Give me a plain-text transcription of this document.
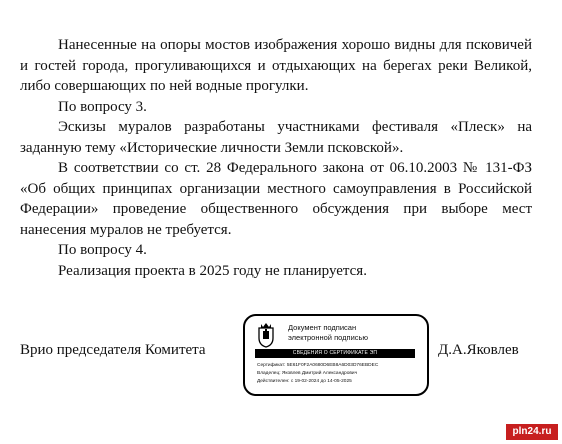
Нанесенные на опоры мостов изображения хорошо видны для псковичей и гостей города, прогуливающихся и отдыхающих на берегах реки Великой, либо совершающих по ней водные прогулки.

По вопросу 3.

Эскизы муралов разработаны участниками фестиваля «Плеск» на заданную тему «Исторические личности Земли псковской».

В соответствии со ст. 28 Федерального закона от 06.10.2003 № 131-ФЗ «Об общих принципах организации местного самоуправления в Российской Федерации» проведение общественного обсуждения при выборе мест нанесения муралов не требуется.

По вопросу 4.

Реализация проекта в 2025 году не планируется.

Врио председателя Комитета	Д.А.Яковлев
Документ подписан
электронной подписью
СВЕДЕНИЯ О СЕРТИФИКАТЕ ЭП
Сертификат: 5E61F0F2A0680D6EB8A6D03D76EBDEC
Владелец: Яковлев Дмитрий Александрович
Действителен: с 19-02-2024 до 14-05-2025
pln24.ru
